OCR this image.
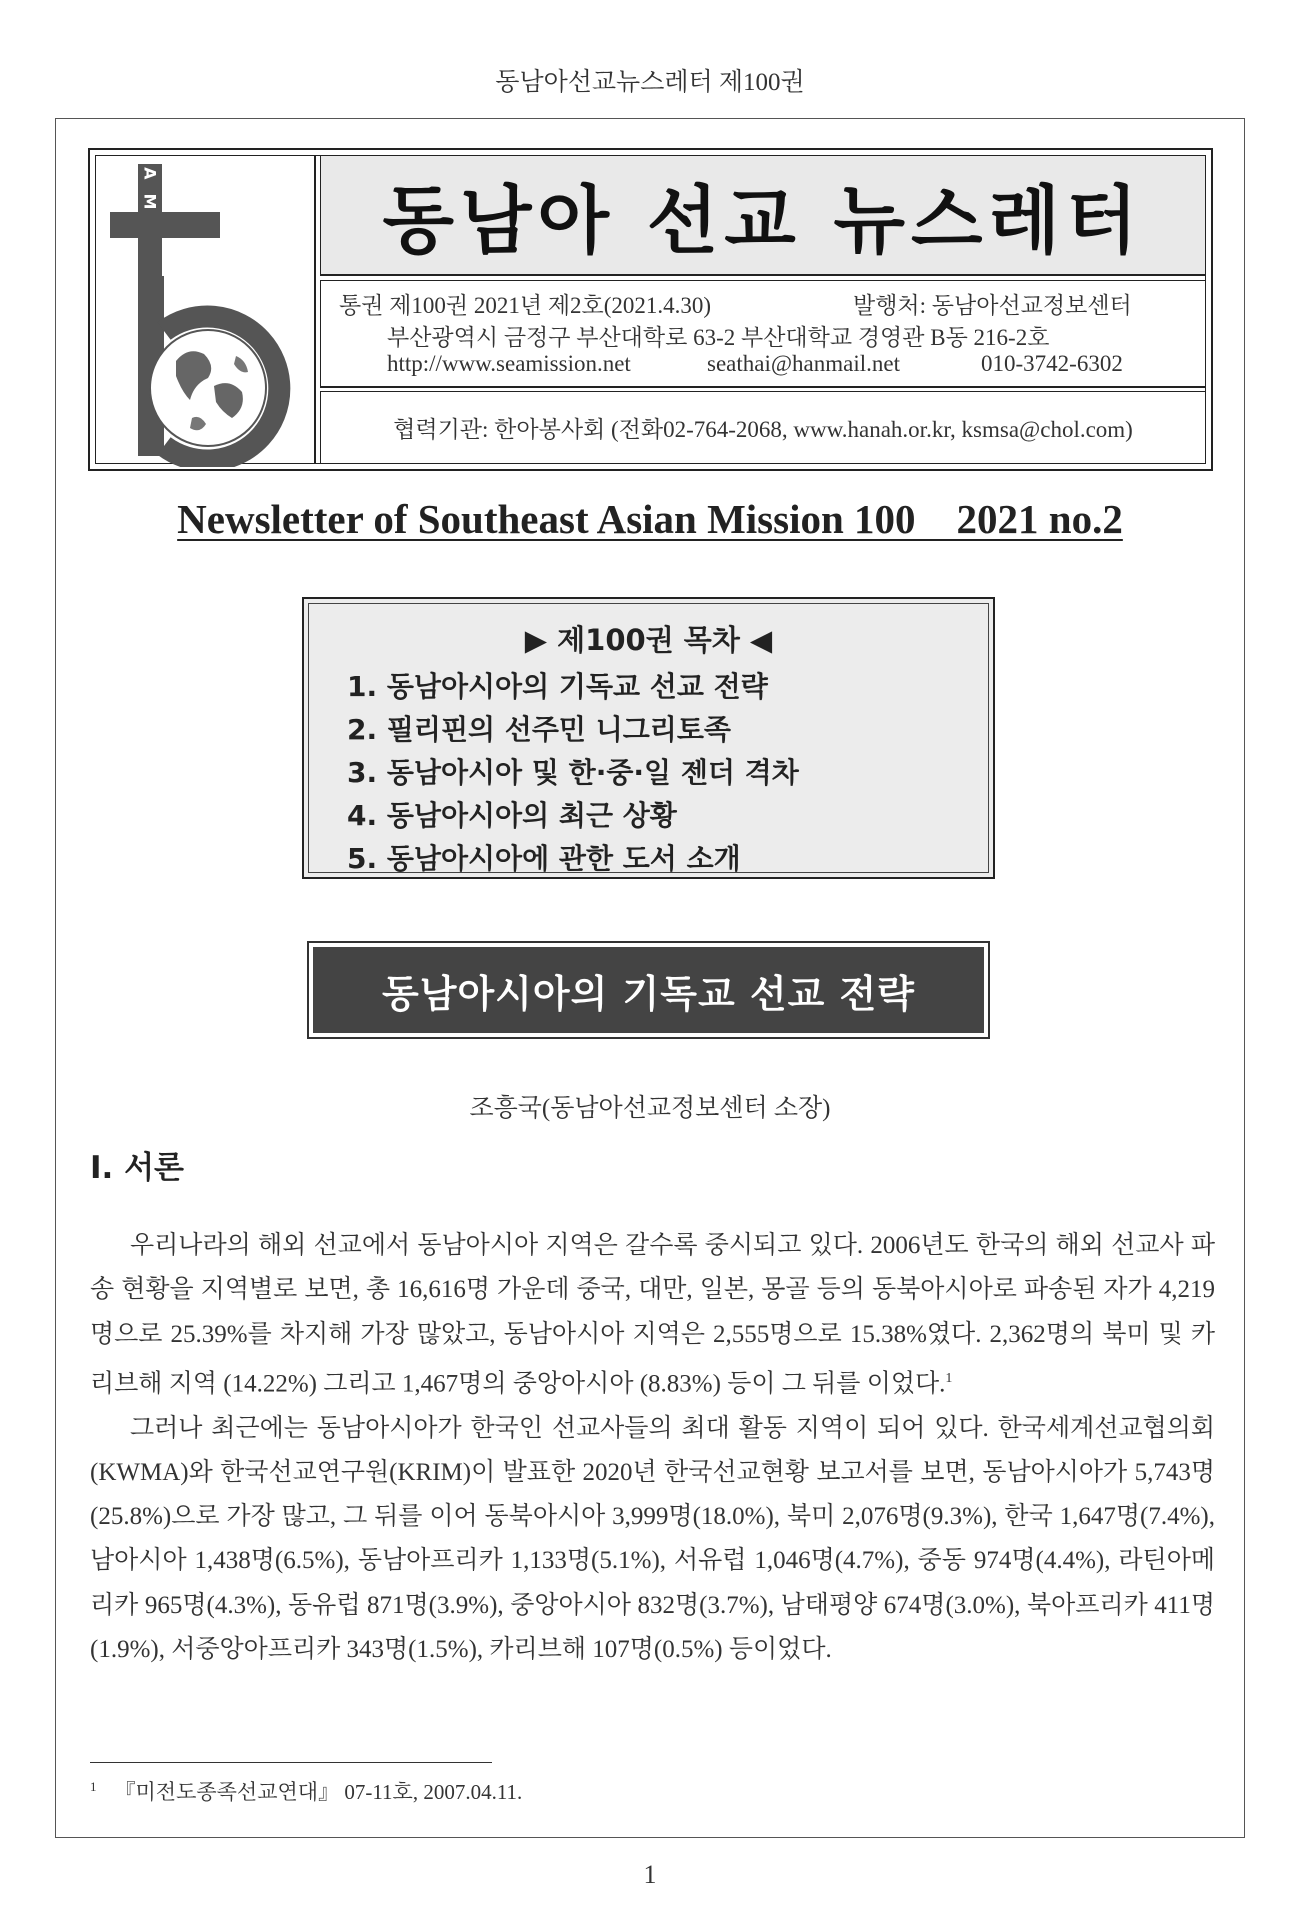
동남아선교뉴스레터 제100권
SEAM	동남아 선교 뉴스레터
통권 제100권 2021년 제2호(2021.4.30)	발행처: 동남아선교정보센터
부산광역시 금정구 부산대학로 63-2 부산대학교 경영관 B동 216-2호
http://www.seamission.net	seathai@hanmail.net	010-3742-6302
협력기관: 한아봉사회 (전화02-764-2068, www.hanah.or.kr, ksmsa@chol.com)
Newsletter of Southeast Asian Mission 100    2021 no.2
▶ 제100권 목차 ◀
1. 동남아시아의 기독교 선교 전략
2. 필리핀의 선주민 니그리토족
3. 동남아시아 및 한·중·일 젠더 격차
4. 동남아시아의 최근 상황
5. 동남아시아에 관한 도서 소개
동남아시아의 기독교 선교 전략
조흥국(동남아선교정보센터 소장)
I. 서론

우리나라의 해외 선교에서 동남아시아 지역은 갈수록 중시되고 있다. 2006년도 한국의 해외 선교사 파송 현황을 지역별로 보면, 총 16,616명 가운데 중국, 대만, 일본, 몽골 등의 동북아시아로 파송된 자가 4,219명으로 25.39%를 차지해 가장 많았고, 동남아시아 지역은 2,555명으로 15.38%였다. 2,362명의 북미 및 카리브해 지역 (14.22%) 그리고 1,467명의 중앙아시아 (8.83%) 등이 그 뒤를 이었다.$^1$

그러나 최근에는 동남아시아가 한국인 선교사들의 최대 활동 지역이 되어 있다. 한국세계선교협의회(KWMA)와 한국선교연구원(KRIM)이 발표한 2020년 한국선교현황 보고서를 보면, 동남아시아가 5,743명(25.8%)으로 가장 많고, 그 뒤를 이어 동북아시아 3,999명(18.0%), 북미 2,076명(9.3%), 한국 1,647명(7.4%), 남아시아 1,438명(6.5%), 동남아프리카 1,133명(5.1%), 서유럽 1,046명(4.7%), 중동 974명(4.4%), 라틴아메리카 965명(4.3%), 동유럽 871명(3.9%), 중앙아시아 832명(3.7%), 남태평양 674명(3.0%), 북아프리카 411명(1.9%), 서중앙아프리카 343명(1.5%), 카리브해 107명(0.5%) 등이었다.

$^1$ 『미전도종족선교연대』 07-11호, 2007.04.11.
1
